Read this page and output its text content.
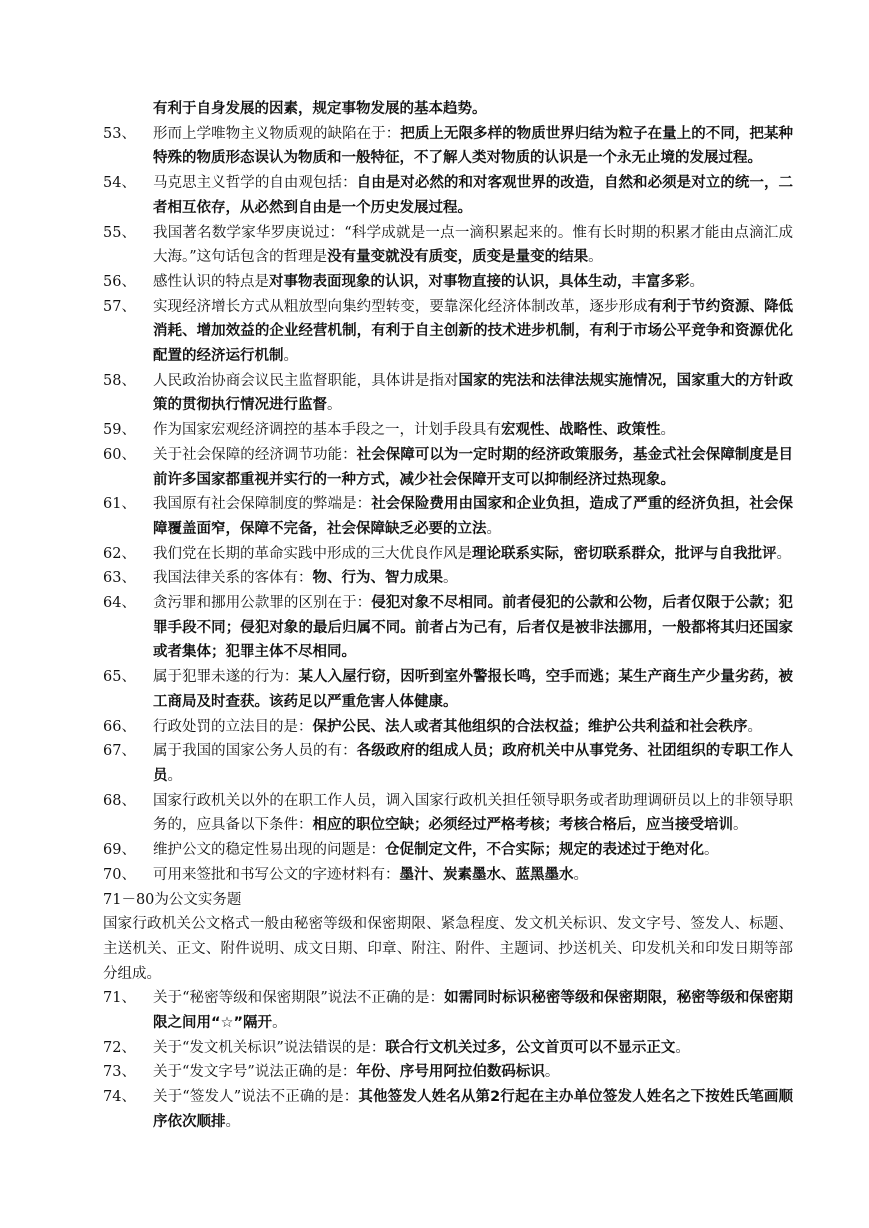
有利于自身发展的因素，规定事物发展的基本趋势。

53、	形而上学唯物主义物质观的缺陷在于：把质上无限多样的物质世界归结为粒子在量上的不同，把某种特殊的物质形态误认为物质和一般特征，不了解人类对物质的认识是一个永无止境的发展过程。

54、	马克思主义哲学的自由观包括：自由是对必然的和对客观世界的改造，自然和必须是对立的统一，二者相互依存，从必然到自由是一个历史发展过程。

55、	我国著名数学家华罗庚说过：“科学成就是一点一滴积累起来的。惟有长时期的积累才能由点滴汇成大海。”这句话包含的哲理是没有量变就没有质变，质变是量变的结果。

56、	感性认识的特点是对事物表面现象的认识，对事物直接的认识，具体生动，丰富多彩。

57、	实现经济增长方式从粗放型向集约型转变，要靠深化经济体制改革，逐步形成有利于节约资源、降低消耗、增加效益的企业经营机制，有利于自主创新的技术进步机制，有利于市场公平竞争和资源优化配置的经济运行机制。

58、	人民政治协商会议民主监督职能，具体讲是指对国家的宪法和法律法规实施情况，国家重大的方针政策的贯彻执行情况进行监督。

59、	作为国家宏观经济调控的基本手段之一，计划手段具有宏观性、战略性、政策性。

60、	关于社会保障的经济调节功能：社会保障可以为一定时期的经济政策服务，基金式社会保障制度是目前许多国家都重视并实行的一种方式，减少社会保障开支可以抑制经济过热现象。

61、	我国原有社会保障制度的弊端是：社会保险费用由国家和企业负担，造成了严重的经济负担，社会保障覆盖面窄，保障不完备，社会保障缺乏必要的立法。

62、	我们党在长期的革命实践中形成的三大优良作风是理论联系实际，密切联系群众，批评与自我批评。

63、	我国法律关系的客体有：物、行为、智力成果。

64、	贪污罪和挪用公款罪的区别在于：侵犯对象不尽相同。前者侵犯的公款和公物，后者仅限于公款；犯罪手段不同；侵犯对象的最后归属不同。前者占为己有，后者仅是被非法挪用，一般都将其归还国家或者集体；犯罪主体不尽相同。

65、	属于犯罪未遂的行为：某人入屋行窃，因听到室外警报长鸣，空手而逃；某生产商生产少量劣药，被工商局及时查获。该药足以严重危害人体健康。

66、	行政处罚的立法目的是：保护公民、法人或者其他组织的合法权益；维护公共利益和社会秩序。

67、	属于我国的国家公务人员的有：各级政府的组成人员；政府机关中从事党务、社团组织的专职工作人员。

68、	国家行政机关以外的在职工作人员，调入国家行政机关担任领导职务或者助理调研员以上的非领导职务的，应具备以下条件：相应的职位空缺；必须经过严格考核；考核合格后，应当接受培训。

69、	维护公文的稳定性易出现的问题是：仓促制定文件，不合实际；规定的表述过于绝对化。

70、	可用来签批和书写公文的字迹材料有：墨汁、炭素墨水、蓝黑墨水。

71－80为公文实务题

国家行政机关公文格式一般由秘密等级和保密期限、紧急程度、发文机关标识、发文字号、签发人、标题、主送机关、正文、附件说明、成文日期、印章、附注、附件、主题词、抄送机关、印发机关和印发日期等部分组成。

71、	关于“秘密等级和保密期限”说法不正确的是：如需同时标识秘密等级和保密期限，秘密等级和保密期限之间用“☆”隔开。

72、	关于“发文机关标识”说法错误的是：联合行文机关过多，公文首页可以不显示正文。

73、	关于“发文字号”说法正确的是：年份、序号用阿拉伯数码标识。

74、	关于“签发人”说法不正确的是：其他签发人姓名从第2行起在主办单位签发人姓名之下按姓氏笔画顺序依次顺排。
